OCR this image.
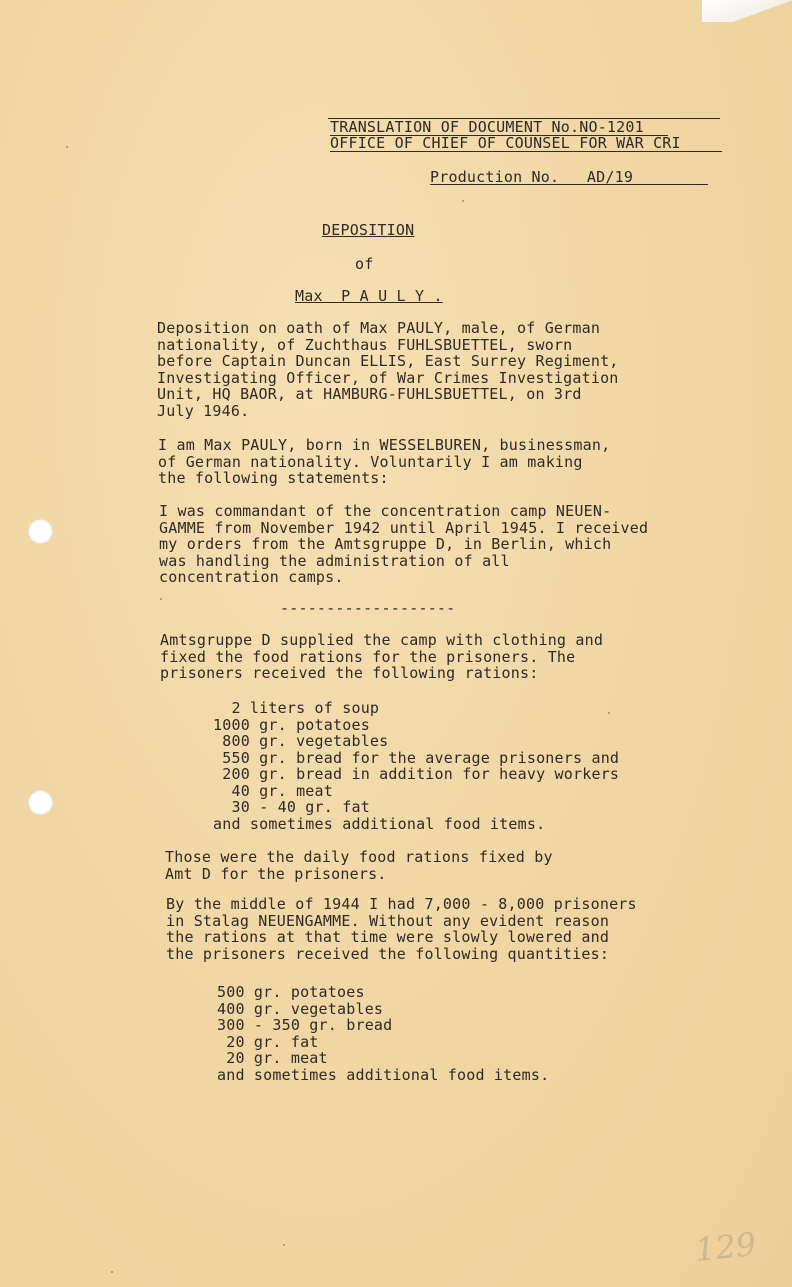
TRANSLATION OF DOCUMENT No.NO-1201
OFFICE OF CHIEF OF COUNSEL FOR WAR CRI
Production No.   AD/19
DEPOSITION
of
Max  P A U L Y .
Deposition on oath of Max PAULY, male, of German
nationality, of Zuchthaus FUHLSBUETTEL, sworn
before Captain Duncan ELLIS, East Surrey Regiment,
Investigating Officer, of War Crimes Investigation
Unit, HQ BAOR, at HAMBURG-FUHLSBUETTEL, on 3rd
July 1946.
I am Max PAULY, born in WESSELBUREN, businessman,
of German nationality. Voluntarily I am making
the following statements:
I was commandant of the concentration camp NEUEN-
GAMME from November 1942 until April 1945. I received
my orders from the Amtsgruppe D, in Berlin, which
was handling the administration of all
concentration camps.
-------------------
Amtsgruppe D supplied the camp with clothing and
fixed the food rations for the prisoners. The
prisoners received the following rations:
2 liters of soup
1000 gr. potatoes
800 gr. vegetables
550 gr. bread for the average prisoners and
200 gr. bread in addition for heavy workers
40 gr. meat
30 - 40 gr. fat
and sometimes additional food items.
Those were the daily food rations fixed by
Amt D for the prisoners.
By the middle of 1944 I had 7,000 - 8,000 prisoners
in Stalag NEUENGAMME. Without any evident reason
the rations at that time were slowly lowered and
the prisoners received the following quantities:
500 gr. potatoes
400 gr. vegetables
300 - 350 gr. bread
20 gr. fat
20 gr. meat
and sometimes additional food items.
129
